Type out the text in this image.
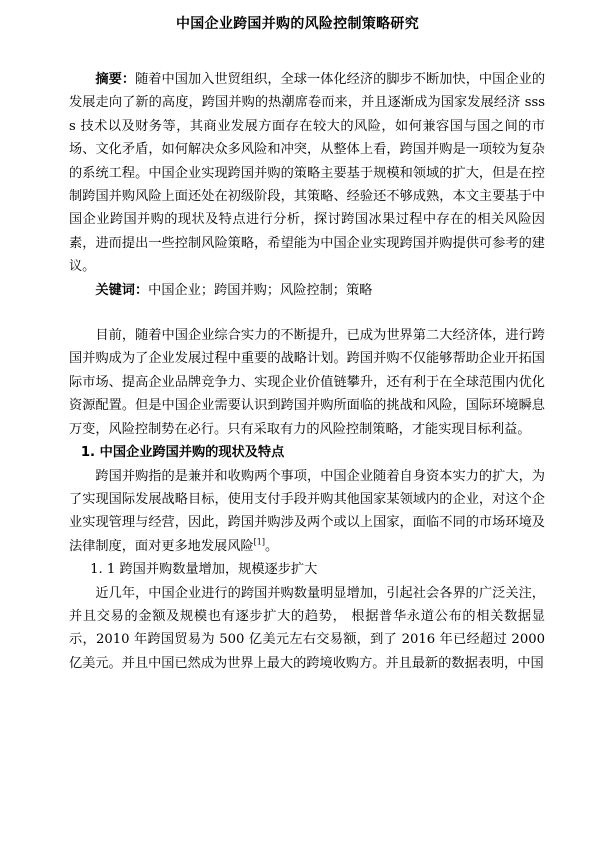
中国企业跨国并购的风险控制策略研究

摘要：随着中国加入世贸组织，全球一体化经济的脚步不断加快，中国企业的发展走向了新的高度，跨国并购的热潮席卷而来，并且逐渐成为国家发展经济 ssss 技术以及财务等，其商业发展方面存在较大的风险，如何兼容国与国之间的市场、文化矛盾，如何解决众多风险和冲突，从整体上看，跨国并购是一项较为复杂的系统工程。中国企业实现跨国并购的策略主要基于规模和领域的扩大，但是在控制跨国并购风险上面还处在初级阶段，其策略、经验还不够成熟，本文主要基于中国企业跨国并购的现状及特点进行分析，探讨跨国冰果过程中存在的相关风险因素，进而提出一些控制风险策略，希望能为中国企业实现跨国并购提供可参考的建议。

关键词：中国企业；跨国并购；风险控制；策略

目前，随着中国企业综合实力的不断提升，已成为世界第二大经济体，进行跨国并购成为了企业发展过程中重要的战略计划。跨国并购不仅能够帮助企业开拓国际市场、提高企业品牌竞争力、实现企业价值链攀升，还有利于在全球范围内优化资源配置。但是中国企业需要认识到跨国并购所面临的挑战和风险，国际环境瞬息万变，风险控制势在必行。只有采取有力的风险控制策略，才能实现目标利益。

1. 中国企业跨国并购的现状及特点

跨国并购指的是兼并和收购两个事项，中国企业随着自身资本实力的扩大，为了实现国际发展战略目标，使用支付手段并购其他国家某领域内的企业，对这个企业实现管理与经营，因此，跨国并购涉及两个或以上国家，面临不同的市场环境及法律制度，面对更多地发展风险[1]。

1. 1 跨国并购数量增加，规模逐步扩大

近几年，中国企业进行的跨国并购数量明显增加，引起社会各界的广泛关注，并且交易的金额及规模也有逐步扩大的趋势， 根据普华永道公布的相关数据显示，2010 年跨国贸易为 500 亿美元左右交易额，到了 2016 年已经超过 2000 亿美元。并且中国已然成为世界上最大的跨境收购方。并且最新的数据表明，中国
